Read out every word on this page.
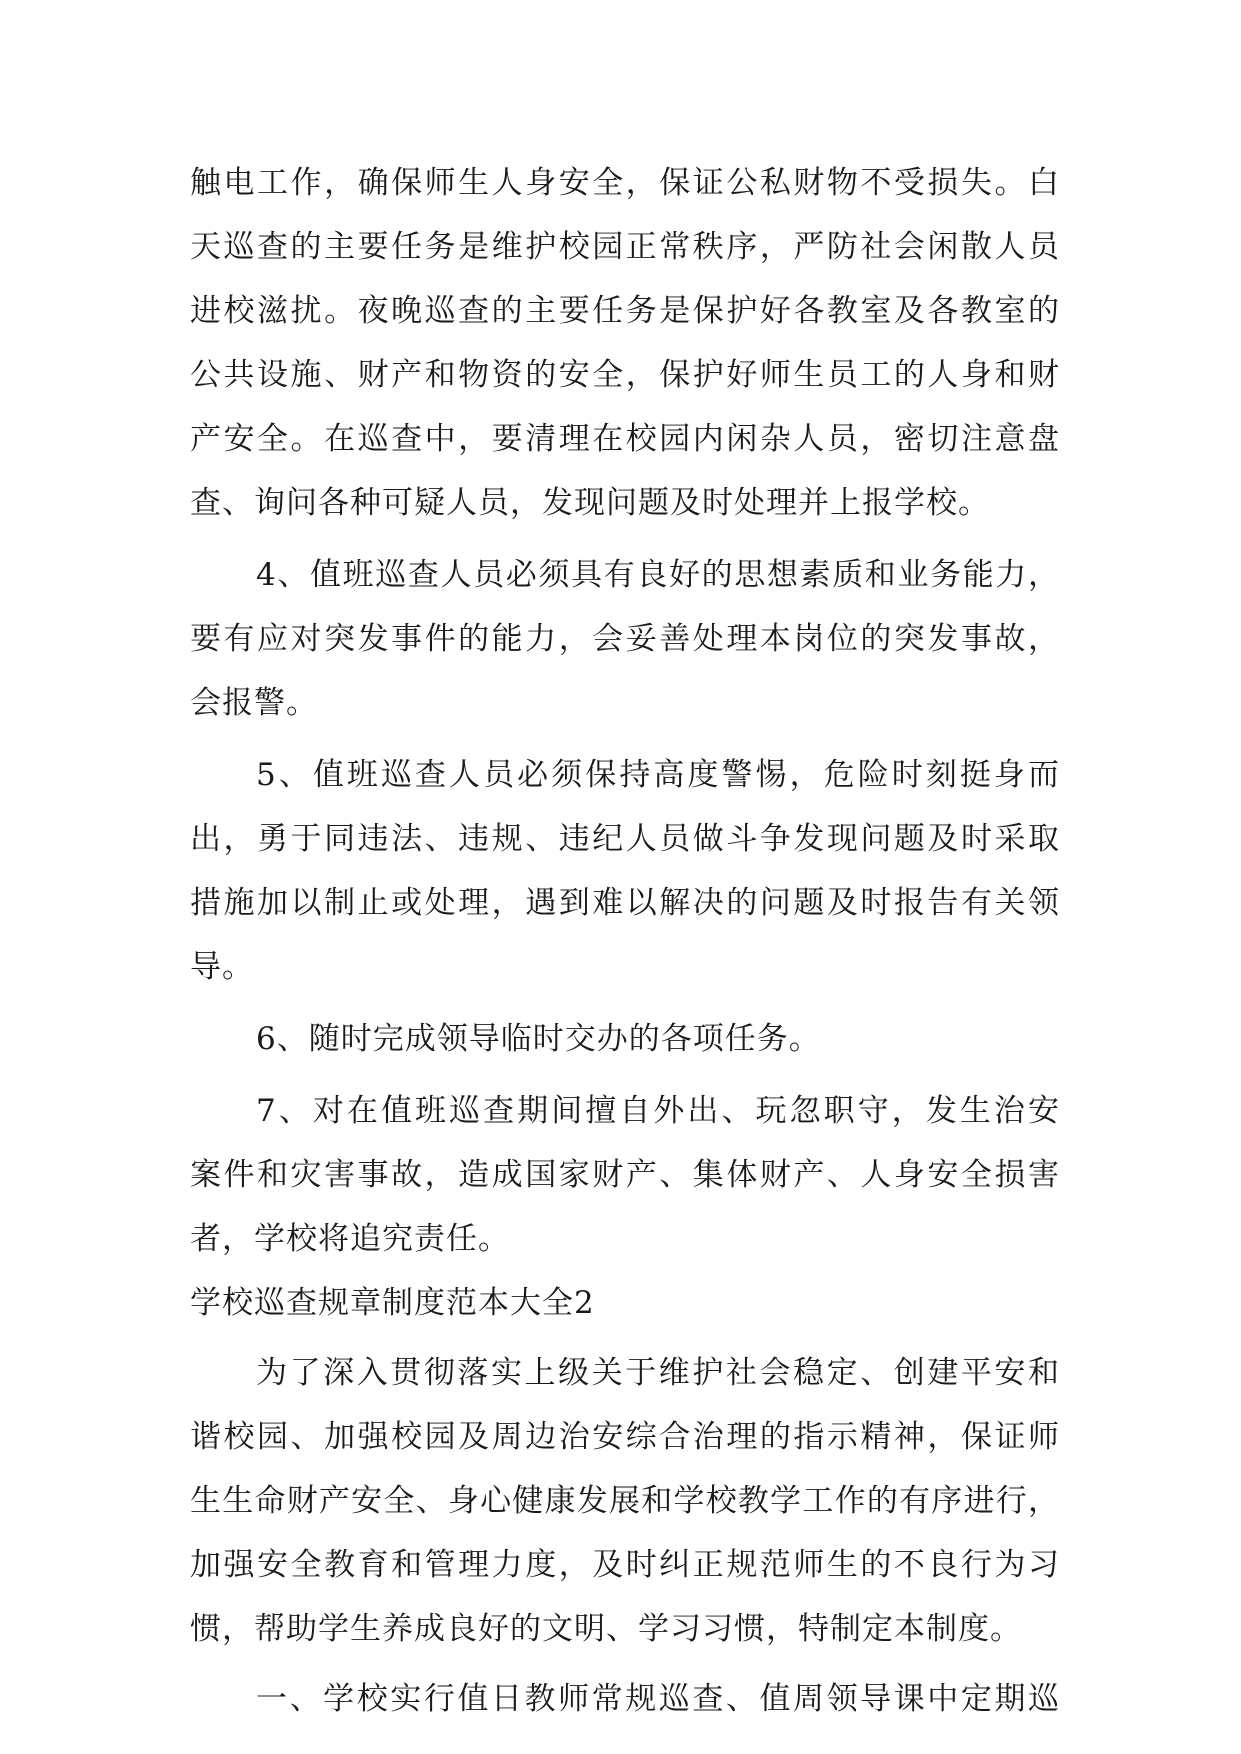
触电工作，确保师生人身安全，保证公私财物不受损失。白
天巡查的主要任务是维护校园正常秩序，严防社会闲散人员
进校滋扰。夜晚巡查的主要任务是保护好各教室及各教室的
公共设施、财产和物资的安全，保护好师生员工的人身和财
产安全。在巡查中，要清理在校园内闲杂人员，密切注意盘
查、询问各种可疑人员，发现问题及时处理并上报学校。
4、值班巡查人员必须具有良好的思想素质和业务能力，
要有应对突发事件的能力，会妥善处理本岗位的突发事故，
会报警。
5、值班巡查人员必须保持高度警惕，危险时刻挺身而
出，勇于同违法、违规、违纪人员做斗争发现问题及时采取
措施加以制止或处理，遇到难以解决的问题及时报告有关领
导。
6、随时完成领导临时交办的各项任务。
7、对在值班巡查期间擅自外出、玩忽职守，发生治安
案件和灾害事故，造成国家财产、集体财产、人身安全损害
者，学校将追究责任。
学校巡查规章制度范本大全2
为了深入贯彻落实上级关于维护社会稳定、创建平安和
谐校园、加强校园及周边治安综合治理的指示精神，保证师
生生命财产安全、身心健康发展和学校教学工作的有序进行，
加强安全教育和管理力度，及时纠正规范师生的不良行为习
惯，帮助学生养成良好的文明、学习习惯，特制定本制度。
一、学校实行值日教师常规巡查、值周领导课中定期巡
